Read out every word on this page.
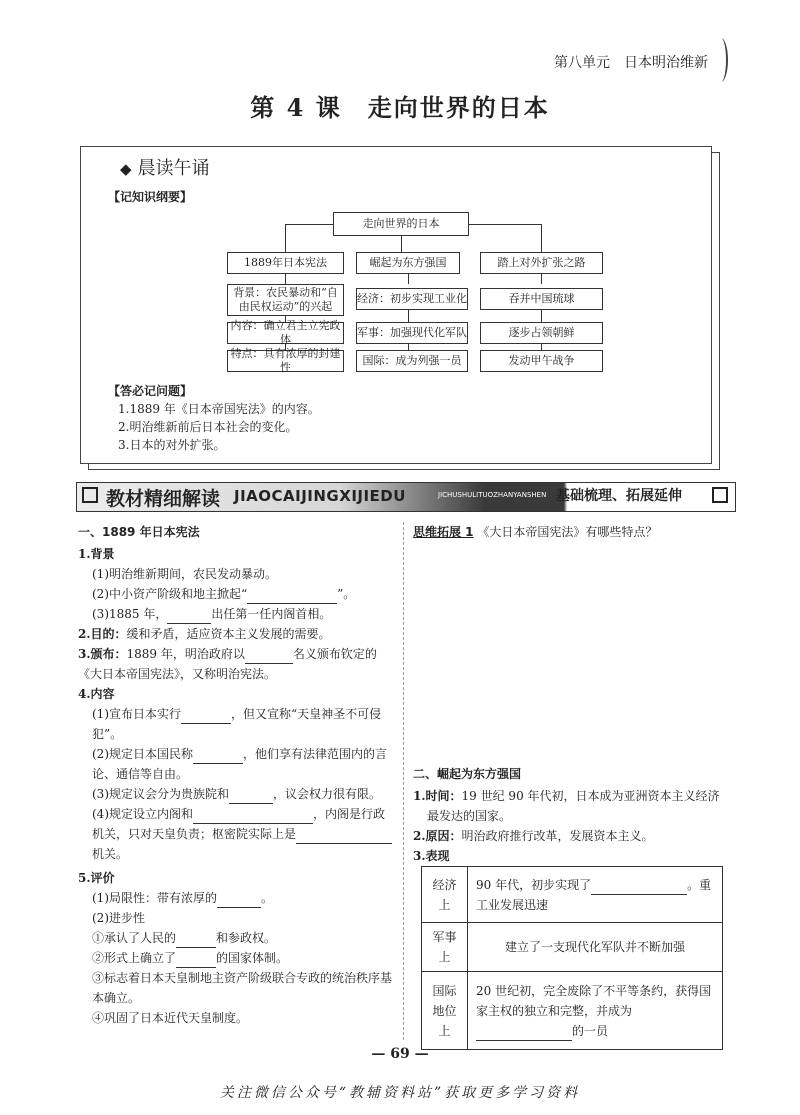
第八单元　日本明治维新
第 4 课　走向世界的日本
◆ 晨读午诵
【记知识纲要】
走向世界的日本
1889年日本宪法	崛起为东方强国	踏上对外扩张之路
背景：农民暴动和“自由民权运动”的兴起
经济：初步实现工业化	吞并中国琉球
内容：确立君主立宪政体
军事：加强现代化军队	逐步占领朝鲜
特点：具有浓厚的封建性
国际：成为列强一员	发动甲午战争
【答必记问题】
1.1889 年《日本帝国宪法》的内容。
2.明治维新前后日本社会的变化。
3.日本的对外扩张。
教材精细解读 JIAOCAIJINGXIJIEDU	JICHUSHULITUOZHANYANSHEN 基础梳理、拓展延伸
一、1889 年日本宪法
1.背景
(1)明治维新期间，农民发动暴动。
(2)中小资产阶级和地主掀起“	”。
(3)1885 年，	出任第一任内阁首相。
2.目的：缓和矛盾，适应资本主义发展的需要。
3.颁布：1889 年，明治政府以	名义颁布钦定的《大日本帝国宪法》，又称明治宪法。
4.内容
(1)宣布日本实行	，但又宣称“天皇神圣不可侵犯”。
(2)规定日本国民称	，他们享有法律范围内的言论、通信等自由。
(3)规定议会分为贵族院和	，议会权力很有限。
(4)规定设立内阁和	，内阁是行政机关，只对天皇负责；枢密院实际上是机关。
5.评价
(1)局限性：带有浓厚的	。
(2)进步性
①承认了人民的	和参政权。
②形式上确立了	的国家体制。
③标志着日本天皇制地主资产阶级联合专政的统治秩序基本确立。
④巩固了日本近代天皇制度。
思维拓展 1 《大日本帝国宪法》有哪些特点？
二、崛起为东方强国
1.时间：19 世纪 90 年代初，日本成为亚洲资本主义经济最发达的国家。
2.原因：明治政府推行改革，发展资本主义。
3.表现
经济上	90 年代，初步实现了 。重工业发展迅速
军事上	建立了一支现代化军队并不断加强
国际地位上	20 世纪初，完全废除了不平等条约，获得国家主权的独立和完整，并成为的一员
— 69 —
关注微信公众号“教辅资料站”获取更多学习资料
